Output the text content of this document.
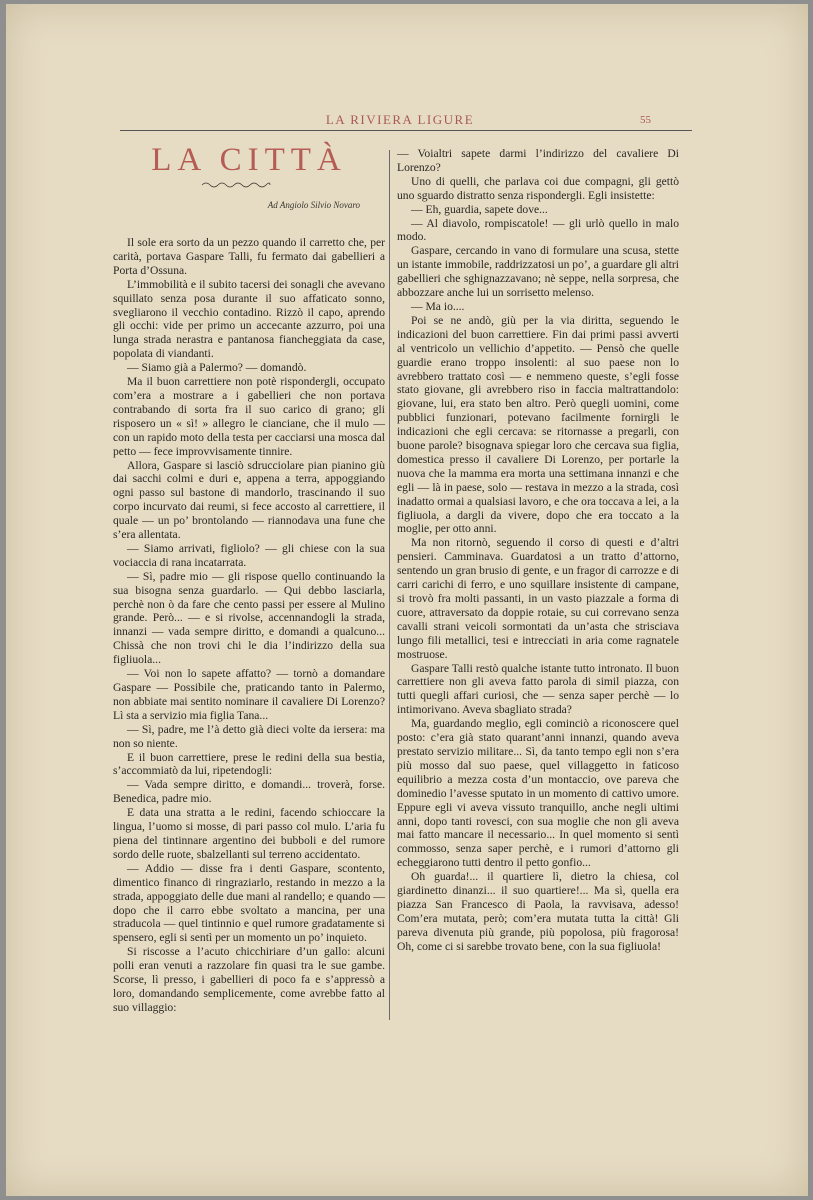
LA RIVIERA LIGURE	55
LA CITTÀ
Ad Angiolo Silvio Novaro

Il sole era sorto da un pezzo quando il carretto che, per carità, portava Gaspare Talli, fu fermato dai gabellieri a Porta d’Ossuna.

L’immobilità e il subito tacersi dei sonagli che avevano squillato senza posa durante il suo affaticato sonno, svegliarono il vecchio contadino. Rizzò il capo, aprendo gli occhi: vide per primo un accecante azzurro, poi una lunga strada nerastra e pantanosa fiancheggiata da case, popolata di viandanti.

— Siamo già a Palermo? — domandò.

Ma il buon carrettiere non potè rispondergli, occupato com’era a mostrare a i gabellieri che non portava contrabando di sorta fra il suo carico di grano; gli risposero un « sì! » allegro le ciancianе, che il mulo — con un rapido moto della testa per cacciarsi una mosca dal petto — fece improvvisamente tinnire.

Allora, Gaspare si lasciò sdrucciolare pian pianino giù dai sacchi colmi e duri e, appena a terra, appoggiando ogni passo sul bastone di mandorlo, trascinando il suo corpo incurvato dai reumi, si fece accosto al carrettiere, il quale — un po’ brontolando — riannodava una fune che s’era allentata.

— Siamo arrivati, figliolo? — gli chiese con la sua vociaccia di rana incatarrata.

— Sì, padre mio — gli rispose quello continuando la sua bisogna senza guardarlo. — Qui debbo lasciarla, perchè non ò da fare che cento passi per essere al Mulino grande. Però... — e si rivolse, accennandogli la strada, innanzi — vada sempre diritto, e domandi a qualcuno... Chissà che non trovi chi le dia l’indirizzo della sua figliuola...

— Voi non lo sapete affatto? — tornò a domandare Gaspare — Possibile che, praticando tanto in Palermo, non abbiate mai sentito nominare il cavaliere Di Lorenzo? Lì sta a servizio mia figlia Tana...

— Sì, padre, me l’à detto già dieci volte da iersera: ma non so niente.

E il buon carrettiere, prese le redini della sua bestia, s’accommiatò da lui, ripetendogli:

— Vada sempre diritto, e domandi... troverà, forse. Benedica, padre mio.

E data una stratta a le redini, facendo schioccare la lingua, l’uomo si mosse, di pari passo col mulo. L’aria fu piena del tintinnare argentino dei bubboli e del rumore sordo delle ruote, sbalzellanti sul terreno accidentato.

— Addio — disse fra i denti Gaspare, scontento, dimentico financo di ringraziarlo, restando in mezzo a la strada, appoggiato delle due mani al randello; e quando — dopo che il carro ebbe svoltato a mancina, per una straducola — quel tintinnio e quel rumore gradatamente si spensero, egli si sentì per un momento un po’ inquieto.

Si riscosse a l’acuto chicchiriare d’un gallo: alcuni polli eran venuti a razzolare fin quasi tra le sue gambe. Scorse, lì presso, i gabellieri di poco fa e s’appressò a loro, domandando semplicemente, come avrebbe fatto al suo villaggio:

— Voialtri sapete darmi l’indirizzo del cavaliere Di Lorenzo?

Uno di quelli, che parlava coi due compagni, gli gettò uno sguardo distratto senza rispondergli. Egli insistette:

— Eh, guardia, sapete dove...

— Al diavolo, rompiscatole! — gli urlò quello in malo modo.

Gaspare, cercando in vano di formulare una scusa, stette un istante immobile, raddrizzatosi un po’, a guardare gli altri gabellieri che sghignazzavano; nè seppe, nella sorpresa, che abbozzare anche lui un sorrisetto melenso.

— Ma io....

Poi se ne andò, giù per la via diritta, seguendo le indicazioni del buon carrettiere. Fin dai primi passi avverti al ventricolo un vellichio d’appetito. — Pensò che quelle guardie erano troppo insolenti: al suo paese non lo avrebbero trattato così — e nemmeno queste, s’egli fosse stato giovane, gli avrebbero riso in faccia maltrattandolo: giovane, lui, era stato ben altro. Però quegli uomini, come pubblici funzionari, potevano facilmente fornirgli le indicazioni che egli cercava: se ritornasse a pregarli, con buone parole? bisognava spiegar loro che cercava sua figlia, domestica presso il cavaliere Di Lorenzo, per portarle la nuova che la mamma era morta una settimana innanzi e che egli — là in paese, solo — restava in mezzo a la strada, così inadatto ormai a qualsiasi lavoro, e che ora toccava a lei, a la figliuola, a dargli da vivere, dopo che era toccato a la moglie, per otto anni.

Ma non ritornò, seguendo il corso di questi e d’altri pensieri. Camminava. Guardatosi a un tratto d’attorno, sentendo un gran brusio di gente, e un fragor di carrozze e di carri carichi di ferro, e uno squillare insistente di campane, si trovò fra molti passanti, in un vasto piazzale a forma di cuore, attraversato da doppie rotaie, su cui correvano senza cavalli strani veicoli sormontati da un’asta che strisciava lungo fili metallici, tesi e intrecciati in aria come ragnatele mostruose.

Gaspare Talli restò qualche istante tutto intronato. Il buon carrettiere non gli aveva fatto parola di simil piazza, con tutti quegli affari curiosi, che — senza saper perchè — lo intimorivano. Aveva sbagliato strada?

Ma, guardando meglio, egli cominciò a riconoscere quel posto: c’era già stato quarant’anni innanzi, quando aveva prestato servizio militare... Sì, da tanto tempo egli non s’era più mosso dal suo paese, quel villaggetto in faticoso equilibrio a mezza costa d’un montaccio, ove pareva che dominedio l’avesse sputato in un momento di cattivo umore. Eppure egli vi aveva vissuto tranquillo, anche negli ultimi anni, dopo tanti rovesci, con sua moglie che non gli aveva mai fatto mancare il necessario... In quel momento si sentì commosso, senza saper perchè, e i rumori d’attorno gli echeggiarono tutti dentro il petto gonfio...

Oh guarda!... il quartiere lì, dietro la chiesa, col giardinetto dinanzi... il suo quartiere!... Ma sì, quella era piazza San Francesco di Paola, la ravvisava, adesso! Com’era mutata, però; com’era mutata tutta la città! Gli pareva divenuta più grande, più popolosa, più fragorosa! Oh, come ci si sarebbe trovato bene, con la sua figliuola!
